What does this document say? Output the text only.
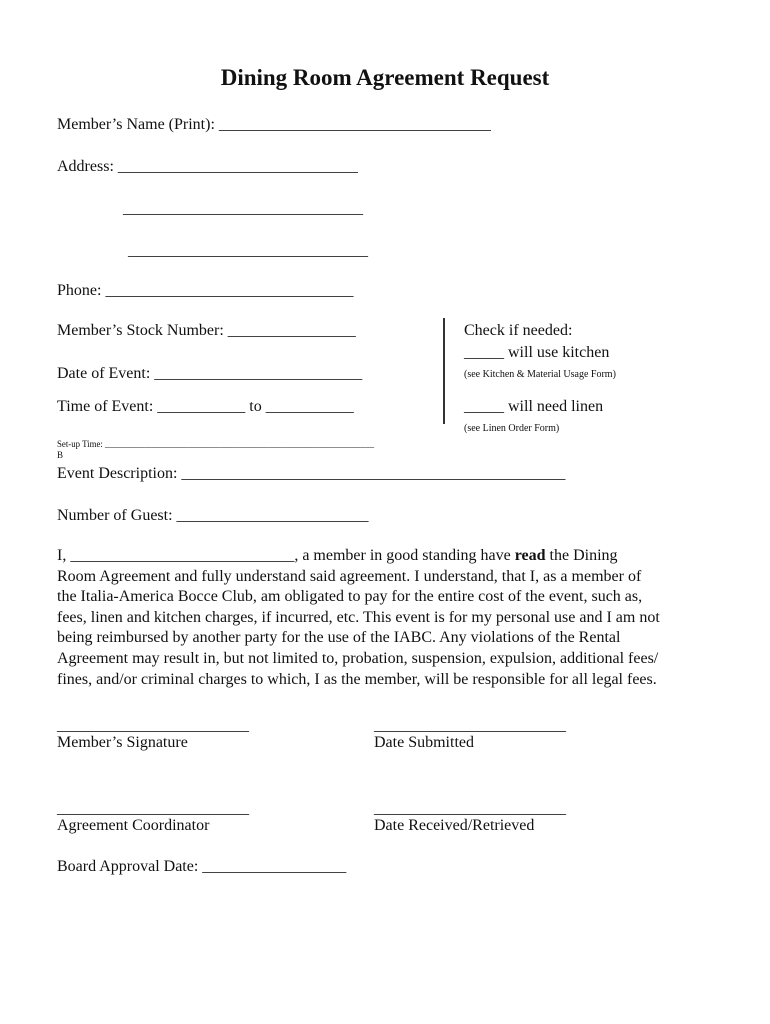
Dining Room Agreement Request
Member’s Name (Print): __________________________________
Address: ______________________________
______________________________
______________________________
Phone: _______________________________
Member’s Stock Number: ________________
Date of Event: __________________________
Time of Event: ___________ to ___________
Set-up Time: _____________________________________________________________
B
Check if needed:
_____ will use kitchen
(see Kitchen & Material Usage Form)
_____ will need linen
(see Linen Order Form)
Event Description: ________________________________________________
Number of Guest: ________________________

I, ____________________________, a member in good standing have read the Dining

Room Agreement and fully understand said agreement. I understand, that I, as a member of

the Italia-America Bocce Club, am obligated to pay for the entire cost of the event, such as,

fees, linen and kitchen charges, if incurred, etc. This event is for my personal use and I am not

being reimbursed by another party for the use of the IABC. Any violations of the Rental

Agreement may result in, but not limited to, probation, suspension, expulsion, additional fees/

fines, and/or criminal charges to which, I as the member, will be responsible for all legal fees.

________________________	________________________
Member’s Signature	Date Submitted
________________________	________________________
Agreement Coordinator	Date Received/Retrieved
Board Approval Date: __________________
